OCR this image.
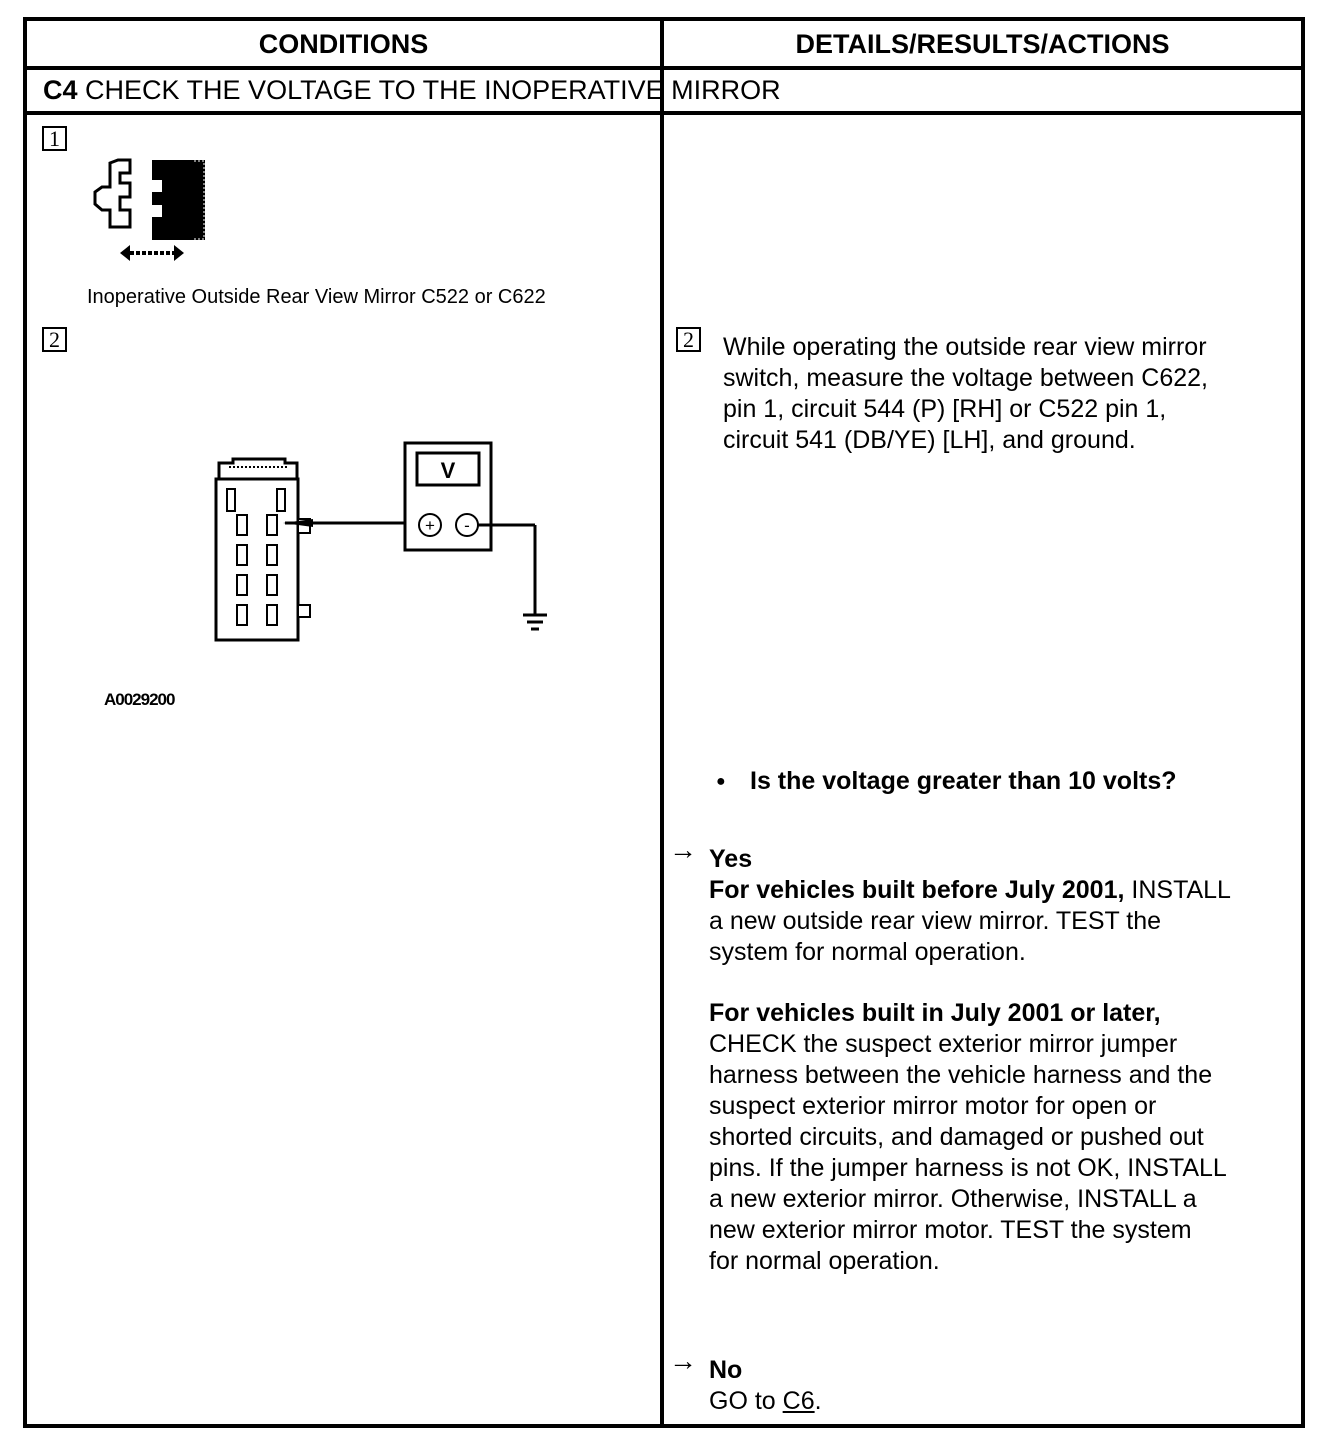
CONDITIONS	DETAILS/RESULTS/ACTIONS
C4 CHECK THE VOLTAGE TO THE INOPERATIVE MIRROR
1
Inoperative Outside Rear View Mirror C522 or C622
2
V
+ -
A0029200
2 While operating the outside rear view mirror
switch, measure the voltage between C622,
pin 1, circuit 544 (P) [RH] or C522 pin 1,
circuit 541 (DB/YE) [LH], and ground.
● Is the voltage greater than 10 volts?
→ Yes
For vehicles built before July 2001, INSTALL
a new outside rear view mirror. TEST the
system for normal operation.
For vehicles built in July 2001 or later,
CHECK the suspect exterior mirror jumper
harness between the vehicle harness and the
suspect exterior mirror motor for open or
shorted circuits, and damaged or pushed out
pins. If the jumper harness is not OK, INSTALL
a new exterior mirror. Otherwise, INSTALL a
new exterior mirror motor. TEST the system
for normal operation.
→ No
GO to C6.
